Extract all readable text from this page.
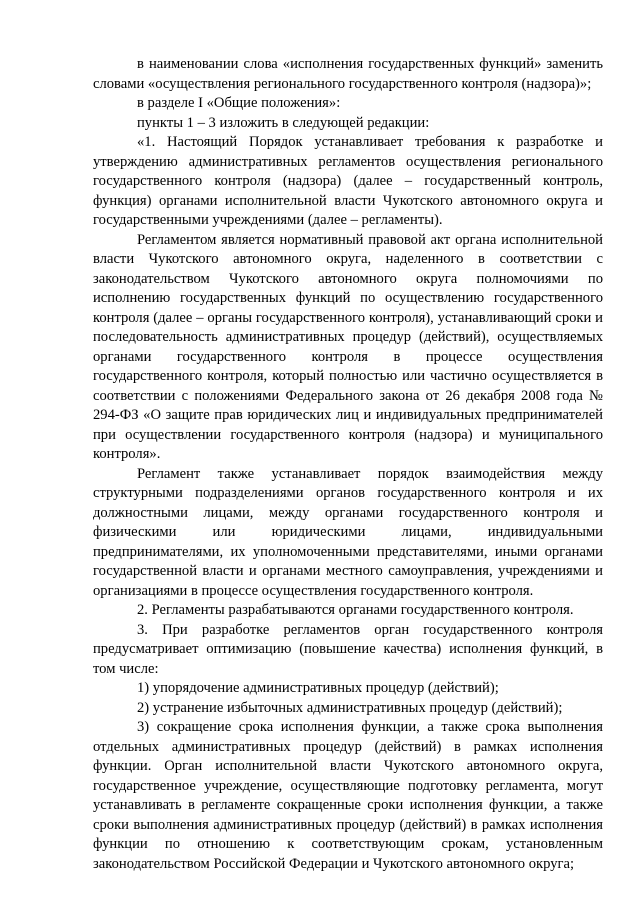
в наименовании слова «исполнения государственных функций» заменить словами «осуществления регионального государственного контроля (надзора)»;

в разделе I «Общие положения»:

пункты 1 – 3 изложить в следующей редакции:

«1. Настоящий Порядок устанавливает требования к разработке и утверждению административных регламентов осуществления регионального государственного контроля (надзора) (далее – государственный контроль, функция) органами исполнительной власти Чукотского автономного округа и государственными учреждениями (далее – регламенты).

Регламентом является нормативный правовой акт органа исполнительной власти Чукотского автономного округа, наделенного в соответствии с законодательством Чукотского автономного округа полномочиями по исполнению государственных функций по осуществлению государственного контроля (далее – органы государственного контроля), устанавливающий сроки и последовательность административных процедур (действий), осуществляемых органами государственного контроля в процессе осуществления государственного контроля, который полностью или частично осуществляется в соответствии с положениями Федерального закона от 26 декабря 2008 года № 294-ФЗ «О защите прав юридических лиц и индивидуальных предпринимателей при осуществлении государственного контроля (надзора) и муниципального контроля».

Регламент также устанавливает порядок взаимодействия между структурными подразделениями органов государственного контроля и их должностными лицами, между органами государственного контроля и физическими или юридическими лицами, индивидуальными предпринимателями, их уполномоченными представителями, иными органами государственной власти и органами местного самоуправления, учреждениями и организациями в процессе осуществления государственного контроля.

2. Регламенты разрабатываются органами государственного контроля.

3. При разработке регламентов орган государственного контроля предусматривает оптимизацию (повышение качества) исполнения функций, в том числе:

1) упорядочение административных процедур (действий);

2) устранение избыточных административных процедур (действий);

3) сокращение срока исполнения функции, а также срока выполнения отдельных административных процедур (действий) в рамках исполнения функции. Орган исполнительной власти Чукотского автономного округа, государственное учреждение, осуществляющие подготовку регламента, могут устанавливать в регламенте сокращенные сроки исполнения функции, а также сроки выполнения административных процедур (действий) в рамках исполнения функции по отношению к соответствующим срокам, установленным законодательством Российской Федерации и Чукотского автономного округа;
